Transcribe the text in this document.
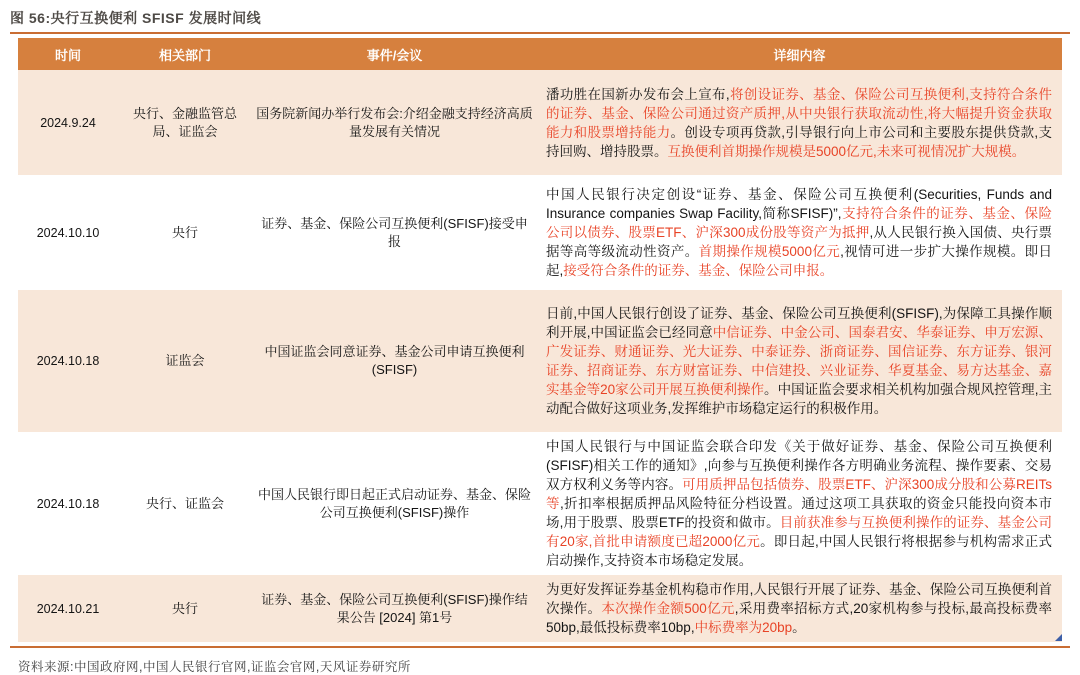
图 56:央行互换便利 SFISF 发展时间线
时间	相关部门	事件/会议	详细内容
2024.9.24	央行、金融监管总局、证监会	国务院新闻办举行发布会:介绍金融支持经济高质量发展有关情况	潘功胜在国新办发布会上宣布,将创设证券、基金、保险公司互换便利,支持符合条件的证券、基金、保险公司通过资产质押,从中央银行获取流动性,将大幅提升资金获取能力和股票增持能力。创设专项再贷款,引导银行向上市公司和主要股东提供贷款,支持回购、增持股票。互换便利首期操作规模是5000亿元,未来可视情况扩大规模。
2024.10.10	央行	证券、基金、保险公司互换便利(SFISF)接受申报	中国人民银行决定创设“证券、基金、保险公司互换便利(Securities, Funds and Insurance companies Swap Facility,简称SFISF)”,支持符合条件的证券、基金、保险公司以债券、股票ETF、沪深300成份股等资产为抵押,从人民银行换入国债、央行票据等高等级流动性资产。首期操作规模5000亿元,视情可进一步扩大操作规模。即日起,接受符合条件的证券、基金、保险公司申报。
2024.10.18	证监会	中国证监会同意证券、基金公司申请互换便利(SFISF)	日前,中国人民银行创设了证券、基金、保险公司互换便利(SFISF),为保障工具操作顺利开展,中国证监会已经同意中信证券、中金公司、国泰君安、华泰证券、申万宏源、广发证券、财通证券、光大证券、中泰证券、浙商证券、国信证券、东方证券、银河证券、招商证券、东方财富证券、中信建投、兴业证券、华夏基金、易方达基金、嘉实基金等20家公司开展互换便利操作。中国证监会要求相关机构加强合规风控管理,主动配合做好这项业务,发挥维护市场稳定运行的积极作用。
2024.10.18	央行、证监会	中国人民银行即日起正式启动证券、基金、保险公司互换便利(SFISF)操作	中国人民银行与中国证监会联合印发《关于做好证券、基金、保险公司互换便利(SFISF)相关工作的通知》,向参与互换便利操作各方明确业务流程、操作要素、交易双方权利义务等内容。可用质押品包括债券、股票ETF、沪深300成分股和公募REITs等,折扣率根据质押品风险特征分档设置。通过这项工具获取的资金只能投向资本市场,用于股票、股票ETF的投资和做市。目前获准参与互换便利操作的证券、基金公司有20家,首批申请额度已超2000亿元。即日起,中国人民银行将根据参与机构需求正式启动操作,支持资本市场稳定发展。
2024.10.21	央行	证券、基金、保险公司互换便利(SFISF)操作结果公告 [2024] 第1号	为更好发挥证券基金机构稳市作用,人民银行开展了证券、基金、保险公司互换便利首次操作。本次操作金额500亿元,采用费率招标方式,20家机构参与投标,最高投标费率50bp,最低投标费率10bp,中标费率为20bp。
资料来源:中国政府网,中国人民银行官网,证监会官网,天风证券研究所
